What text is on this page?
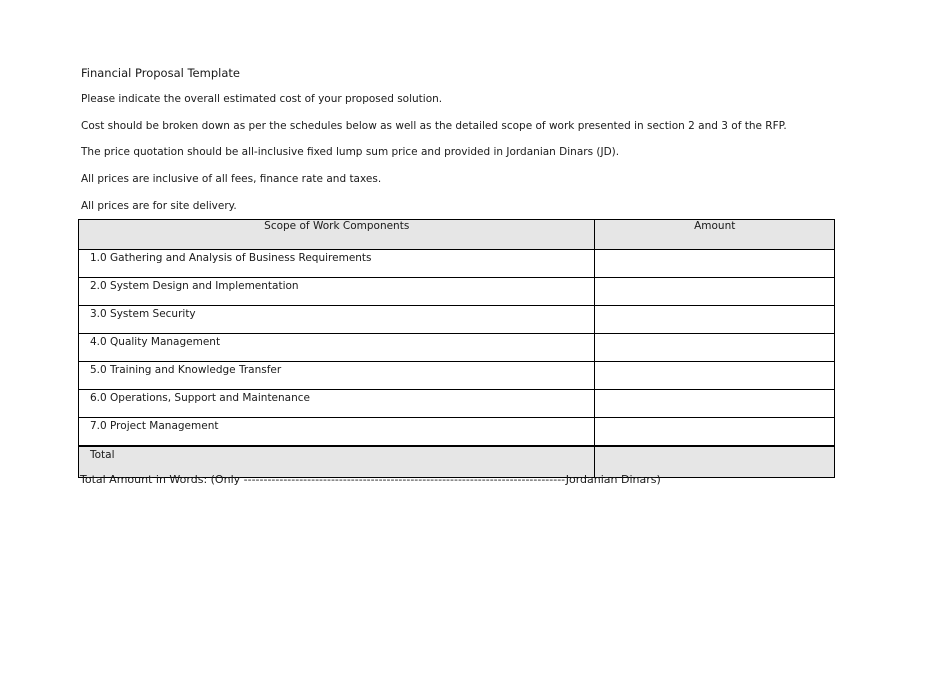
Financial Proposal Template
Please indicate the overall estimated cost of your proposed solution.
Cost should be broken down as per the schedules below as well as the detailed scope of work presented in section 2 and 3 of the RFP.
The price quotation should be all-inclusive fixed lump sum price and provided in Jordanian Dinars (JD).
All prices are inclusive of all fees, finance rate and taxes.
All prices are for site delivery.
Scope of Work Components	Amount
1.0 Gathering and Analysis of Business Requirements	
2.0 System Design and Implementation	
3.0 System Security	
4.0 Quality Management	
5.0 Training and Knowledge Transfer	
6.0 Operations, Support and Maintenance	
7.0 Project Management	
Total	
Total Amount in Words: (Only ---------------------------------------------------------------------------------Jordanian Dinars)
